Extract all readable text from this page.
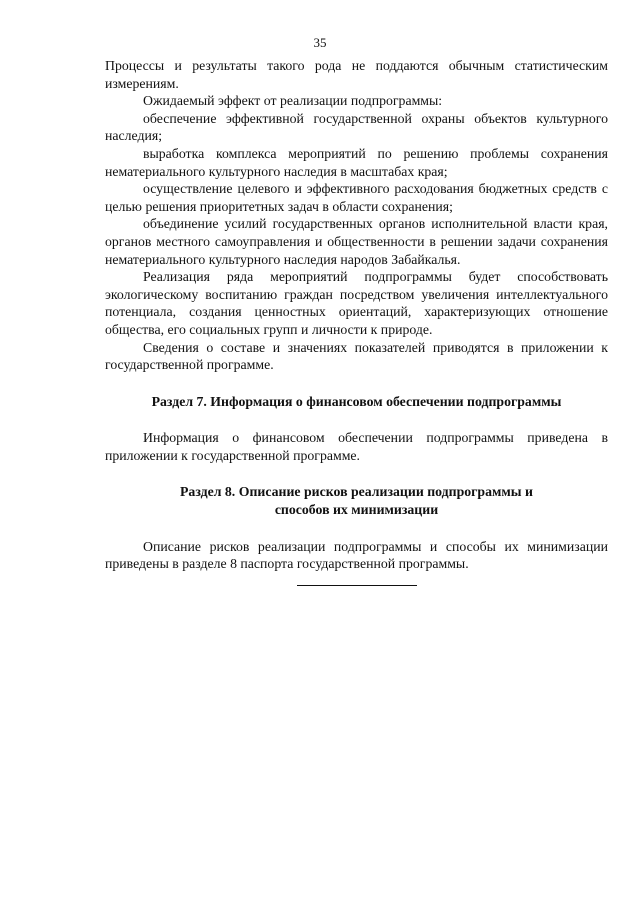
35

Процессы и результаты такого рода не поддаются обычным статистическим измерениям.

Ожидаемый эффект от реализации подпрограммы:

обеспечение эффективной государственной охраны объектов культурного наследия;

выработка комплекса мероприятий по решению проблемы сохранения нематериального культурного наследия в масштабах края;

осуществление целевого и эффективного расходования бюджетных средств с целью решения приоритетных задач в области сохранения;

объединение усилий государственных органов исполнительной власти края, органов местного самоуправления и общественности в решении задачи сохранения нематериального культурного наследия народов Забайкалья.

Реализация ряда мероприятий подпрограммы будет способствовать экологическому воспитанию граждан посредством увеличения интеллектуального потенциала, создания ценностных ориентаций, характеризующих отношение общества, его социальных групп и личности к природе.

Сведения о составе и значениях показателей приводятся в приложении к государственной программе.

Раздел 7. Информация о финансовом обеспечении подпрограммы

Информация о финансовом обеспечении подпрограммы приведена в приложении к государственной программе.

Раздел 8. Описание рисков реализации подпрограммы и
способов их минимизации

Описание рисков реализации подпрограммы и способы их минимизации приведены в разделе 8 паспорта государственной программы.
